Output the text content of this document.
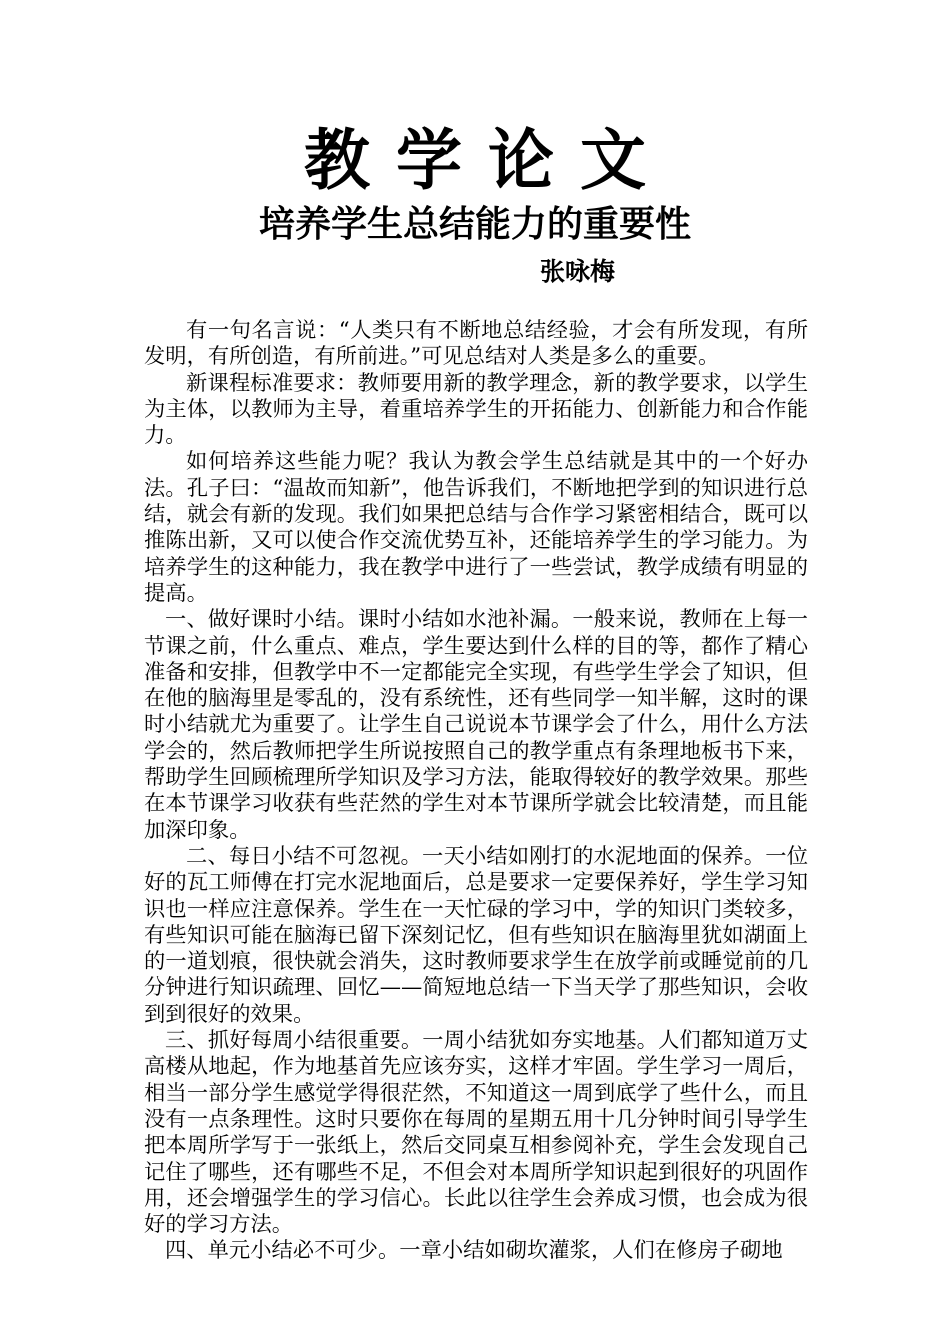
教学论文
培养学生总结能力的重要性
张咏梅

有一句名言说：“人类只有不断地总结经验，才会有所发现，有所发明，有所创造，有所前进。”可见总结对人类是多么的重要。

新课程标准要求：教师要用新的教学理念，新的教学要求，以学生为主体，以教师为主导，着重培养学生的开拓能力、创新能力和合作能力。

如何培养这些能力呢？我认为教会学生总结就是其中的一个好办法。孔子曰：“温故而知新”，他告诉我们，不断地把学到的知识进行总结，就会有新的发现。我们如果把总结与合作学习紧密相结合，既可以推陈出新，又可以使合作交流优势互补，还能培养学生的学习能力。为培养学生的这种能力，我在教学中进行了一些尝试，教学成绩有明显的提高。

一、做好课时小结。课时小结如水池补漏。一般来说，教师在上每一节课之前，什么重点、难点，学生要达到什么样的目的等，都作了精心准备和安排，但教学中不一定都能完全实现，有些学生学会了知识，但在他的脑海里是零乱的，没有系统性，还有些同学一知半解，这时的课时小结就尤为重要了。让学生自己说说本节课学会了什么，用什么方法学会的，然后教师把学生所说按照自己的教学重点有条理地板书下来，帮助学生回顾梳理所学知识及学习方法，能取得较好的教学效果。那些在本节课学习收获有些茫然的学生对本节课所学就会比较清楚，而且能加深印象。

二、每日小结不可忽视。一天小结如刚打的水泥地面的保养。一位好的瓦工师傅在打完水泥地面后，总是要求一定要保养好，学生学习知识也一样应注意保养。学生在一天忙碌的学习中，学的知识门类较多，有些知识可能在脑海已留下深刻记忆，但有些知识在脑海里犹如湖面上的一道划痕，很快就会消失，这时教师要求学生在放学前或睡觉前的几分钟进行知识疏理、回忆——简短地总结一下当天学了那些知识，会收到到很好的效果。

三、抓好每周小结很重要。一周小结犹如夯实地基。人们都知道万丈高楼从地起，作为地基首先应该夯实，这样才牢固。学生学习一周后，相当一部分学生感觉学得很茫然，不知道这一周到底学了些什么，而且没有一点条理性。这时只要你在每周的星期五用十几分钟时间引导学生把本周所学写于一张纸上，然后交同桌互相参阅补充，学生会发现自己记住了哪些，还有哪些不足，不但会对本周所学知识起到很好的巩固作用，还会增强学生的学习信心。长此以往学生会养成习惯，也会成为很好的学习方法。

四、单元小结必不可少。一章小结如砌坎灌浆，人们在修房子砌地
